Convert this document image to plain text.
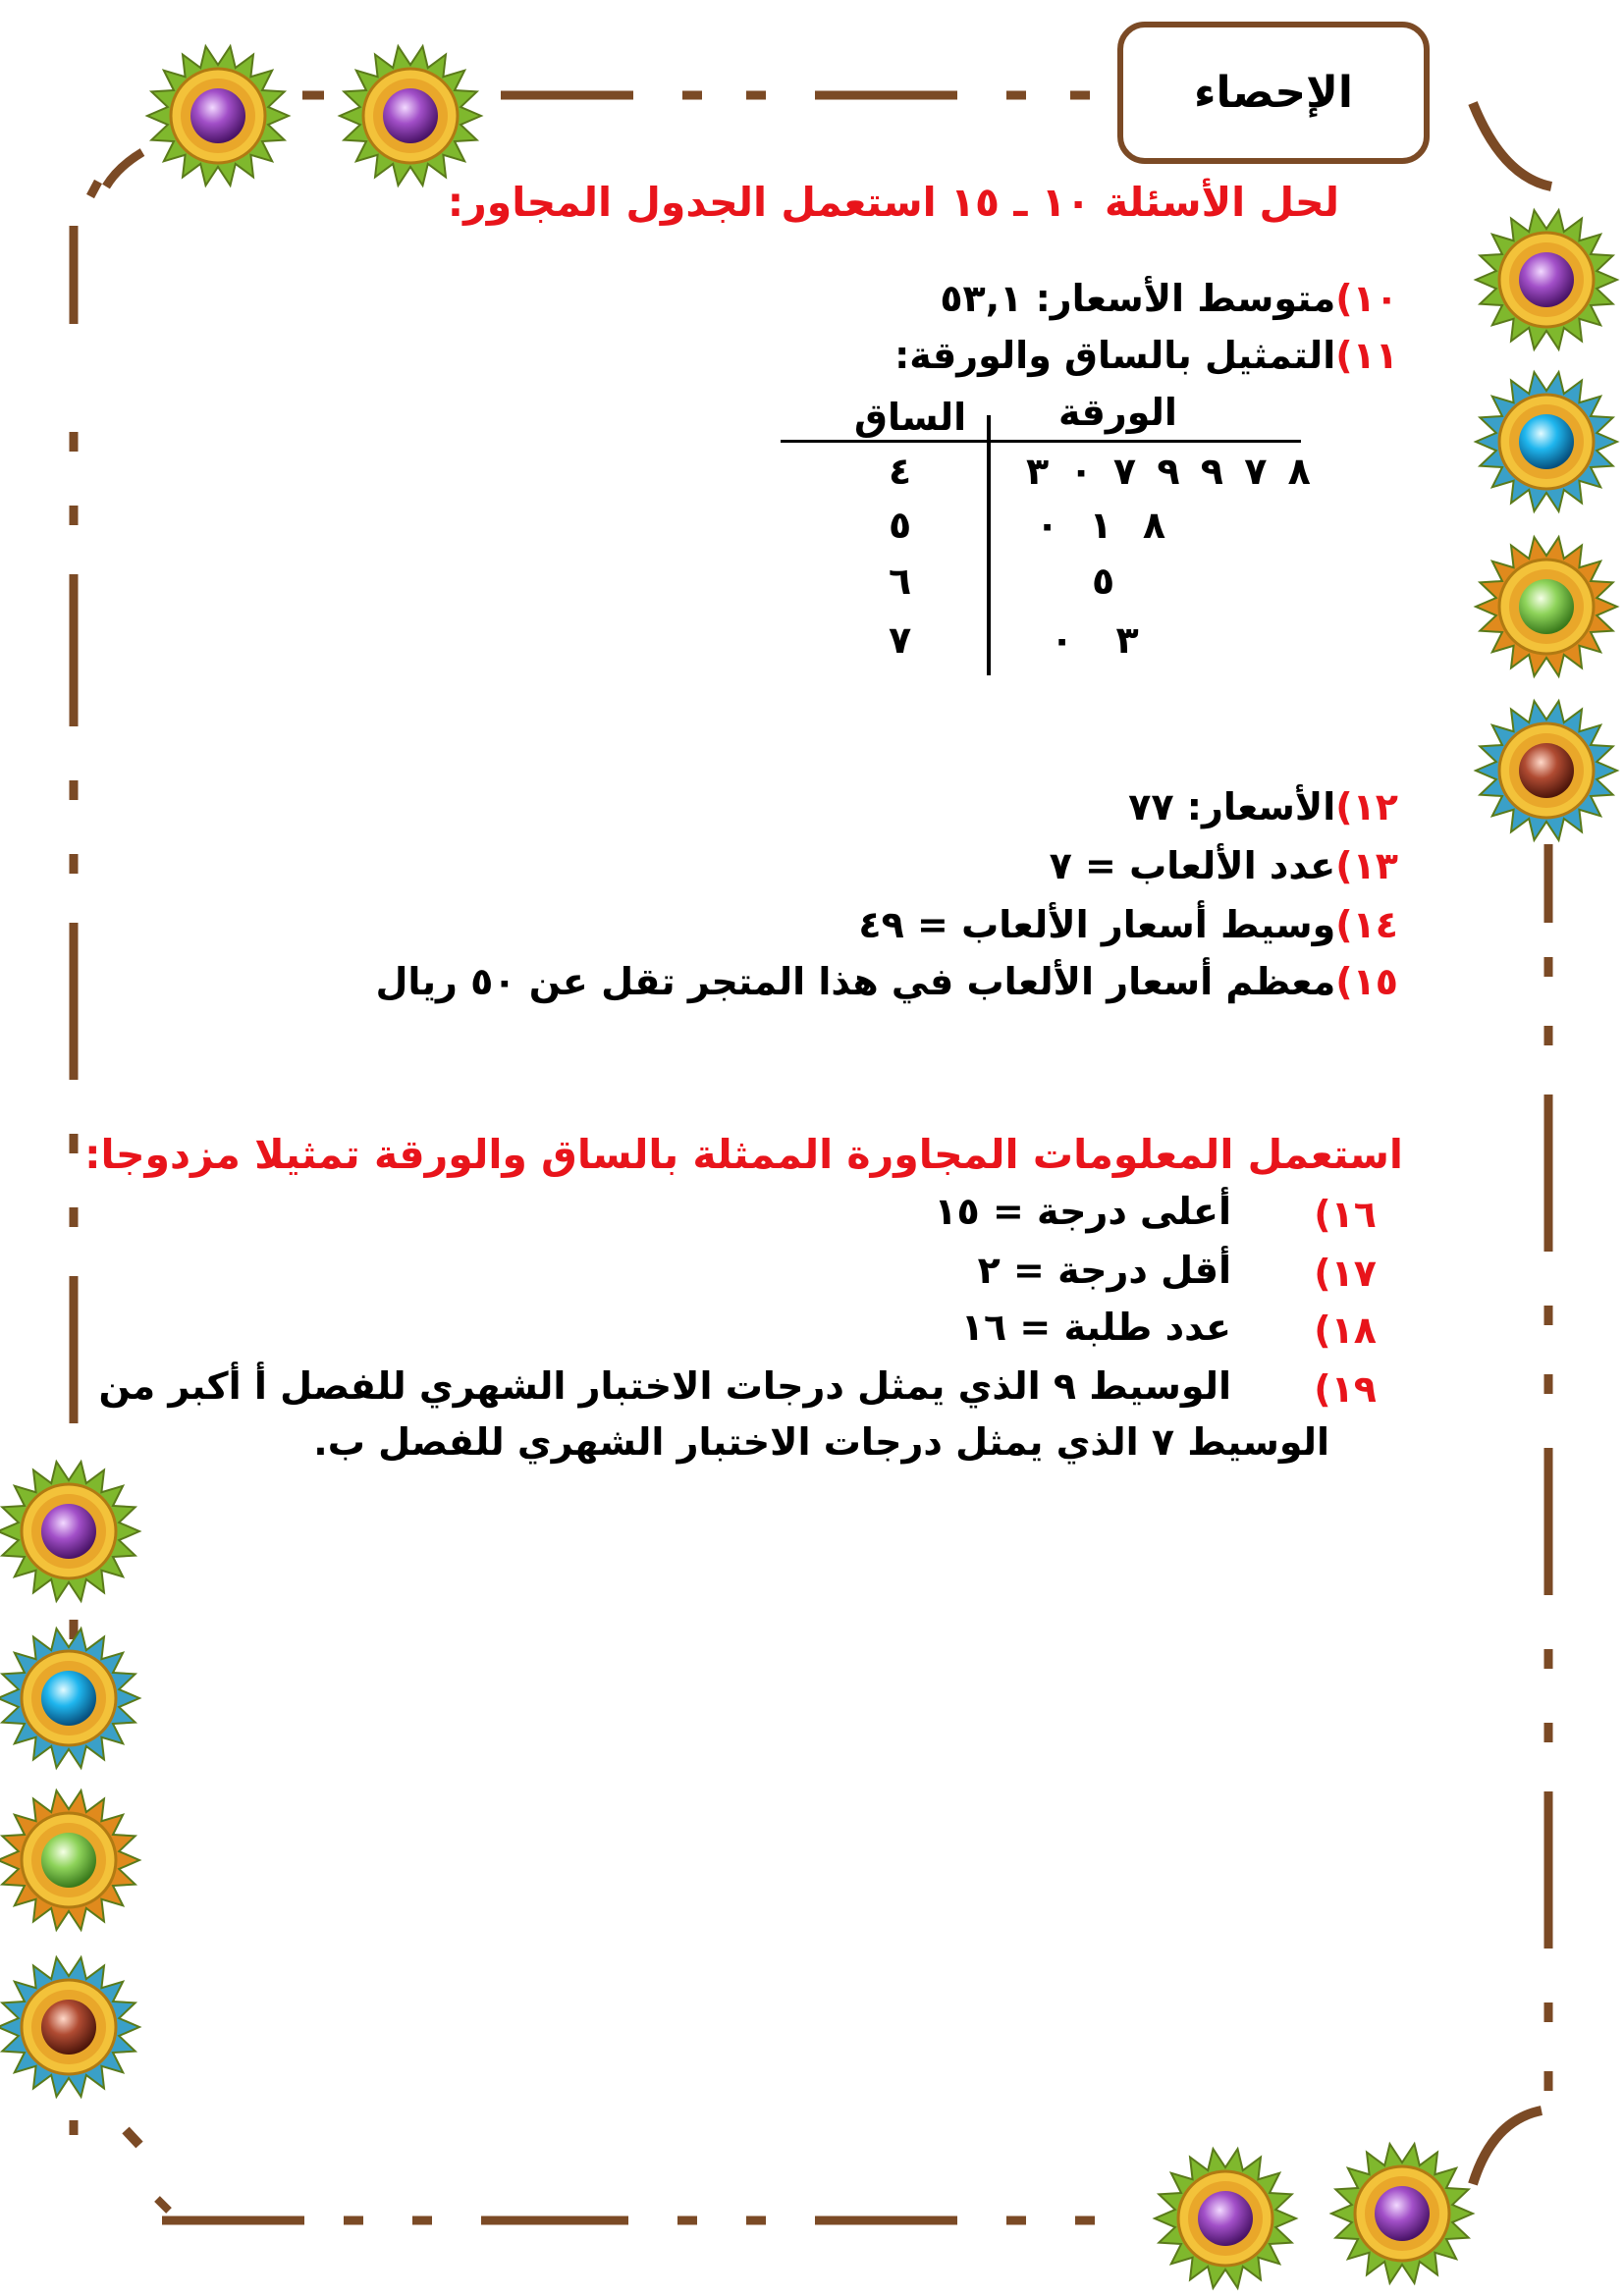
الإحصاء
لحل الأسئلة ١٠ ـ ١٥ استعمل الجدول المجاور:
١٠)متوسط الأسعار: ٥٣,١
١١)التمثيل بالساق والورقة:
الورقة
الساق
٤	٨ ٧ ٩ ٩ ٧ ٠ ٣
٥	٨ ١ ٠
٦	٥
٧	٣ ٠
١٢)الأسعار: ٧٧
١٣)عدد الألعاب = ٧
١٤)وسيط أسعار الألعاب = ٤٩
١٥)معظم أسعار الألعاب في هذا المتجر تقل عن ٥٠ ريال
استعمل المعلومات المجاورة الممثلة بالساق والورقة تمثيلا مزدوجا:
١٦)
أعلى درجة = ١٥
١٧)
أقل درجة = ٢
١٨)
عدد طلبة = ١٦
١٩)
الوسيط ٩ الذي يمثل درجات الاختبار الشهري للفصل أ أكبر من
الوسيط ٧ الذي يمثل درجات الاختبار الشهري للفصل ب.
